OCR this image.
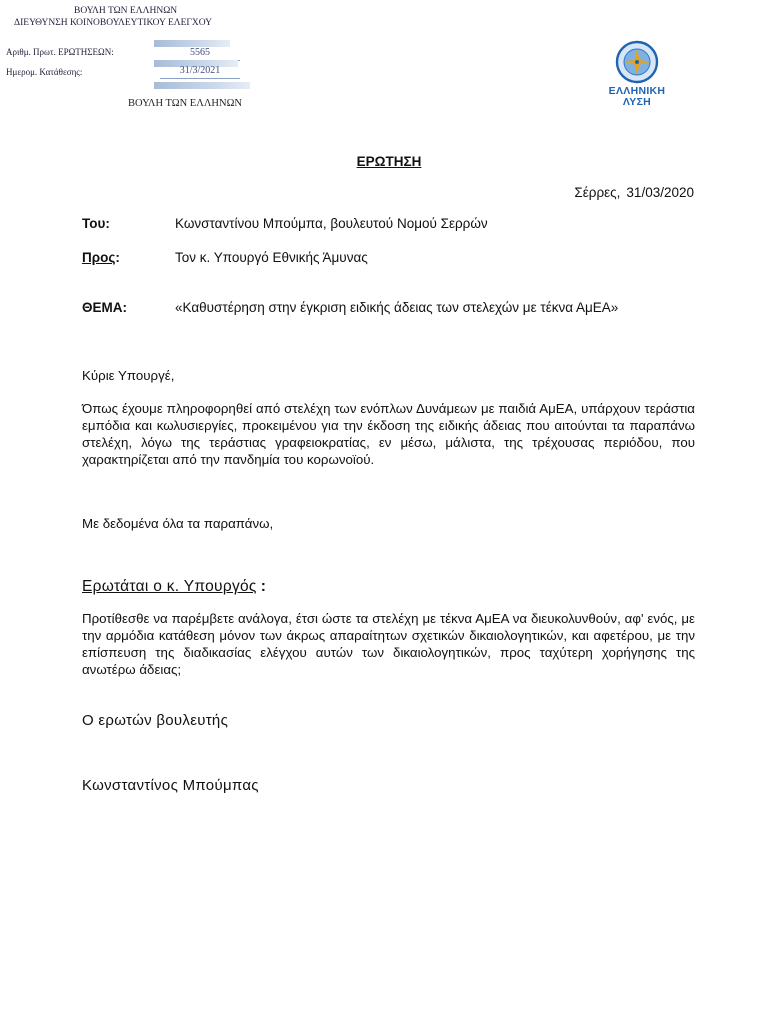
ΒΟΥΛΗ ΤΩΝ ΕΛΛΗΝΩΝ
ΔΙΕΥΘΥΝΣΗ ΚΟΙΝΟΒΟΥΛΕΥΤΙΚΟΥ ΕΛΕΓΧΟΥ
Αριθμ. Πρωτ. ΕΡΩΤΗΣΕΩΝ:	5565
Ημερομ. Κατάθεσης:	31/3/2021
ΒΟΥΛΗ ΤΩΝ ΕΛΛΗΝΩΝ
ΕΛΛΗΝΙΚΗ
ΛΥΣΗ
ΕΡΩΤΗΣΗ
Σέρρες, 31/03/2020
Του:	Κωνσταντίνου Μπούμπα, βουλευτού Νομού Σερρών
Προς:	Τον κ. Υπουργό Εθνικής Άμυνας
ΘΕΜΑ:	«Καθυστέρηση στην έγκριση ειδικής άδειας των στελεχών με τέκνα ΑμΕΑ»
Κύριε Υπουργέ,
Όπως έχουμε πληροφορηθεί από στελέχη των ενόπλων Δυνάμεων με παιδιά ΑμΕΑ, υπάρχουν τεράστια εμπόδια και κωλυσιεργίες, προκειμένου για την έκδοση της ειδικής άδειας που αιτούνται τα παραπάνω στελέχη, λόγω της τεράστιας γραφειοκρατίας, εν μέσω, μάλιστα, της τρέχουσας περιόδου, που χαρακτηρίζεται από την πανδημία του κορωνοϊού.
Με δεδομένα όλα τα παραπάνω,
Ερωτάται ο κ. Υπουργός :
Προτίθεσθε να παρέμβετε ανάλογα, έτσι ώστε τα στελέχη με τέκνα ΑμΕΑ να διευκολυνθούν, αφ' ενός, με την αρμόδια κατάθεση μόνον των άκρως απαραίτητων σχετικών δικαιολογητικών, και αφετέρου, με την επίσπευση της διαδικασίας ελέγχου αυτών των δικαιολογητικών, προς ταχύτερη χορήγησης της ανωτέρω άδειας;
Ο ερωτών βουλευτής
Κωνσταντίνος Μπούμπας
